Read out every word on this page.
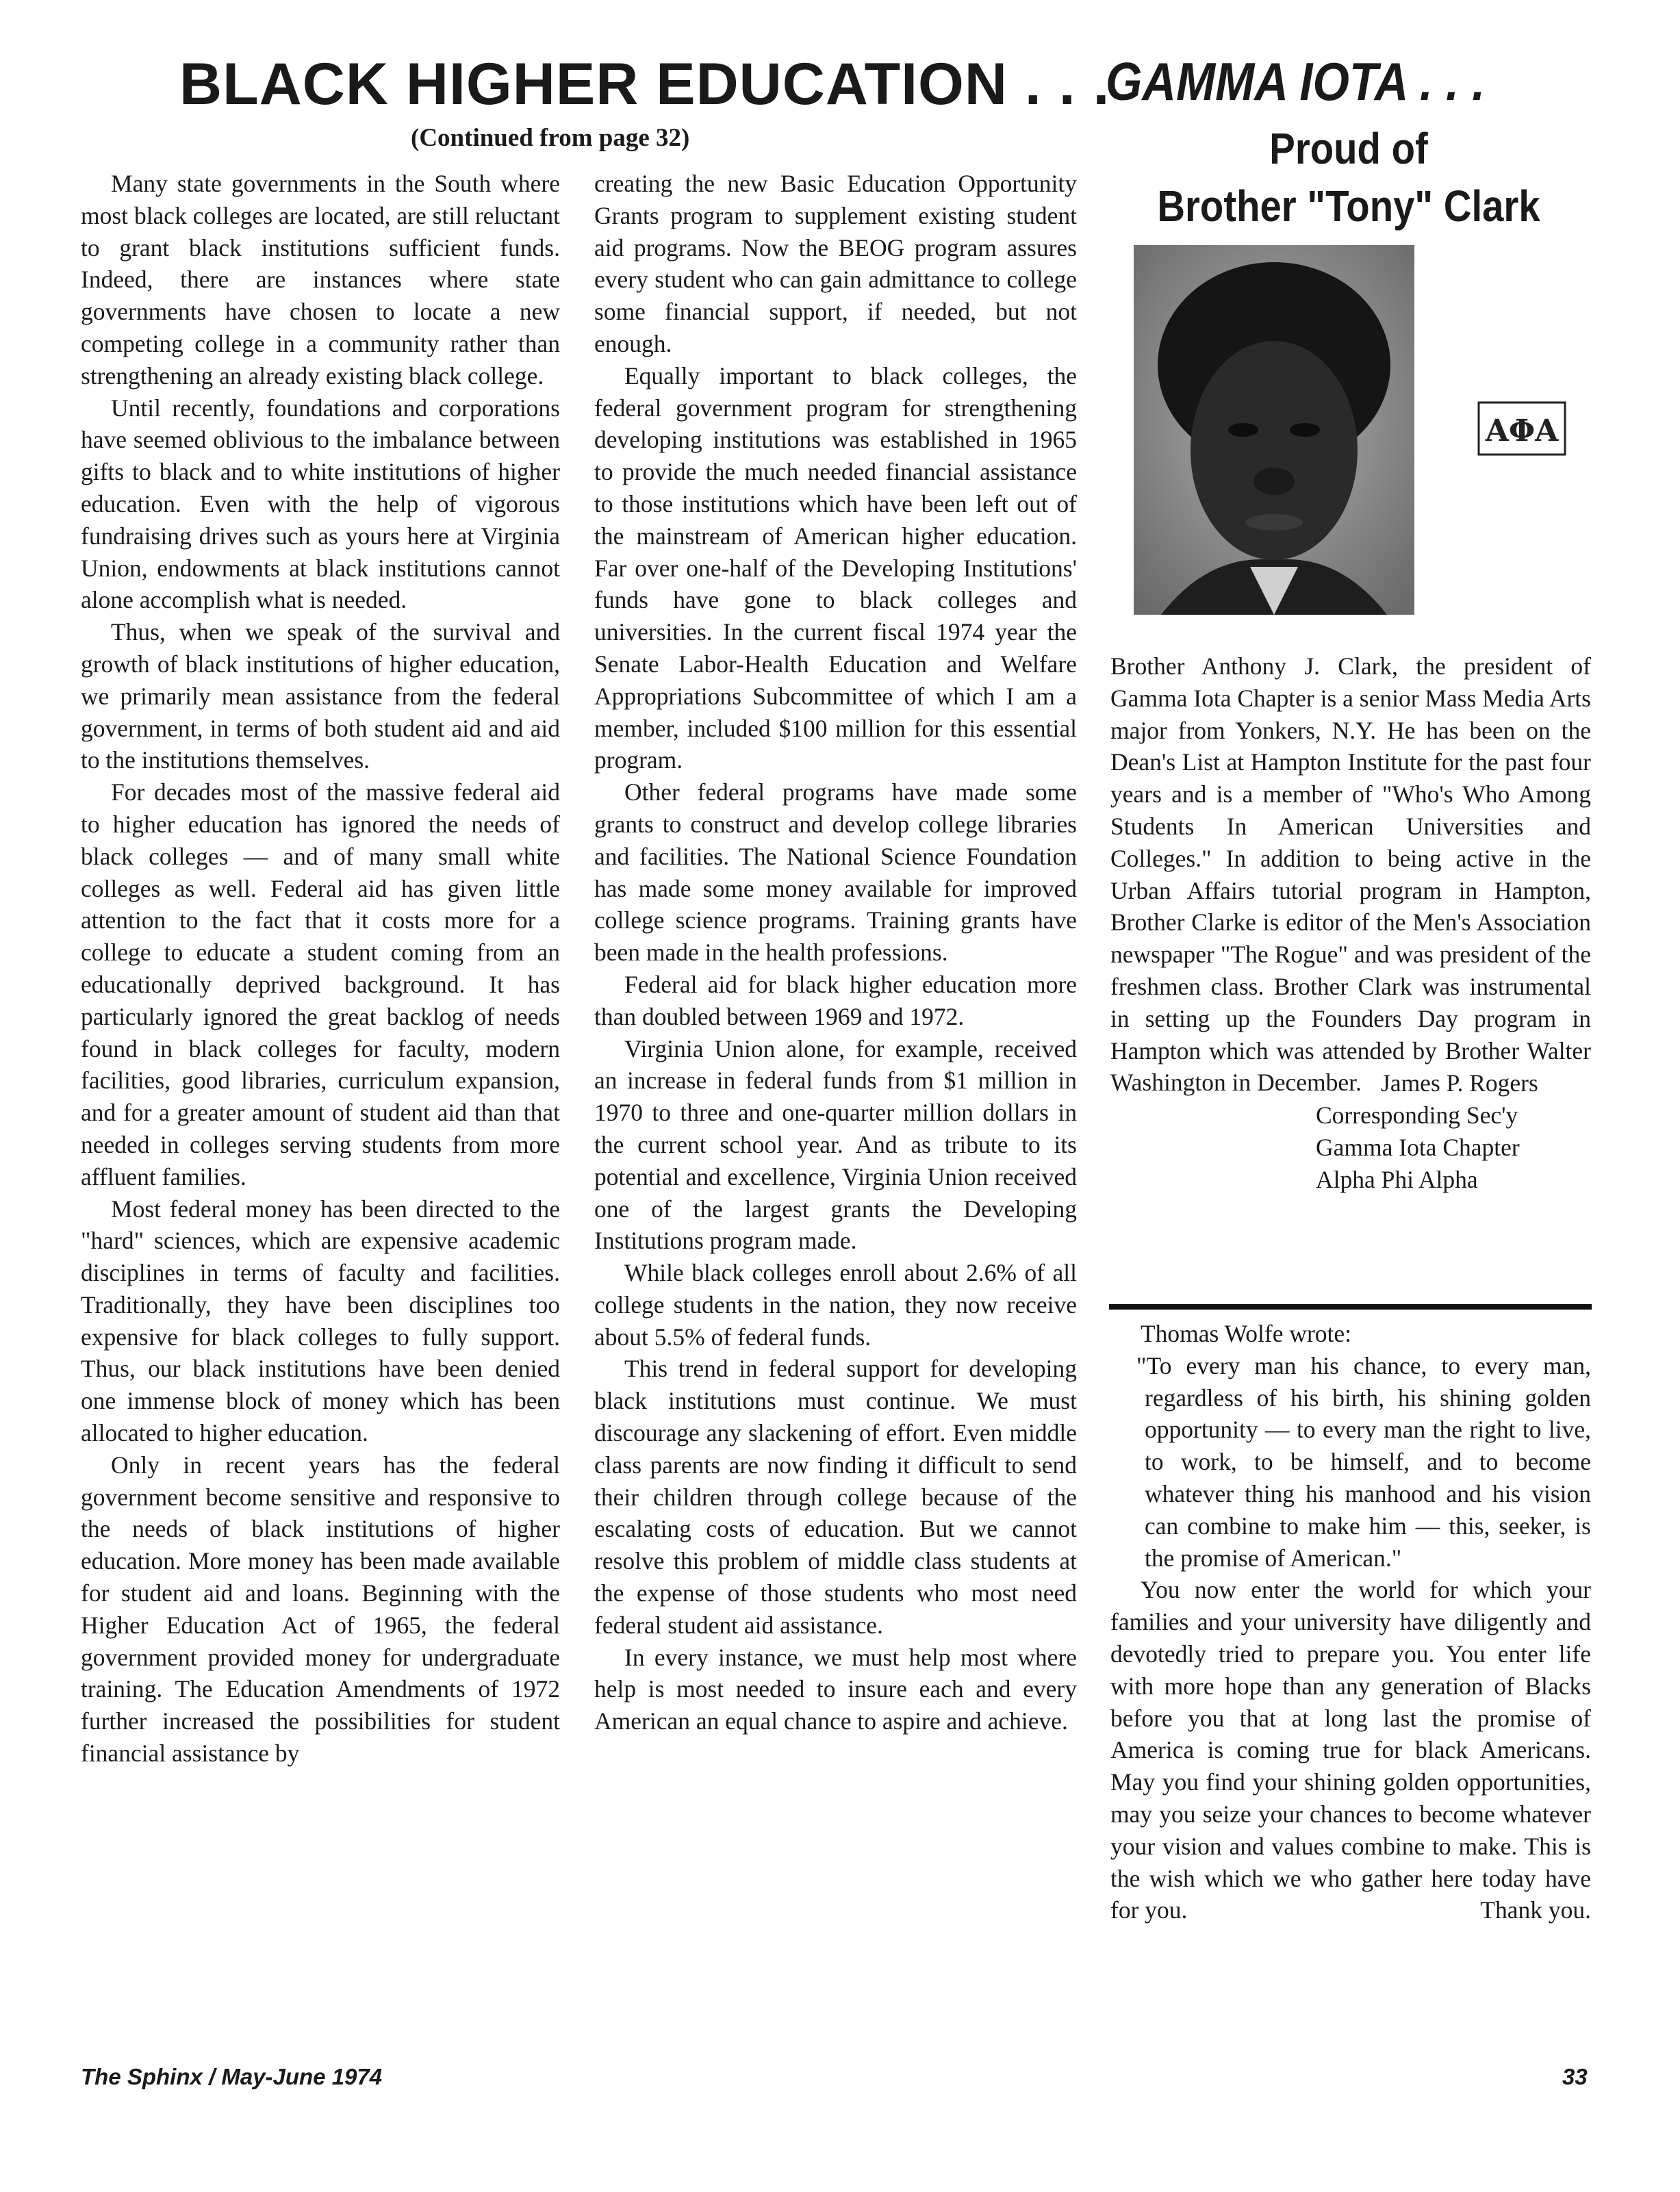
BLACK HIGHER EDUCATION . . .
(Continued from page 32)

Many state governments in the South where most black colleges are located, are still reluctant to grant black institutions sufficient funds. Indeed, there are instances where state governments have chosen to locate a new competing college in a community rather than strengthening an already existing black college.

Until recently, foundations and corporations have seemed oblivious to the imbalance between gifts to black and to white institutions of higher education. Even with the help of vigorous fundraising drives such as yours here at Virginia Union, endowments at black institutions cannot alone accomplish what is needed.

Thus, when we speak of the survival and growth of black institutions of higher education, we primarily mean assistance from the federal government, in terms of both student aid and aid to the institutions themselves.

For decades most of the massive federal aid to higher education has ignored the needs of black colleges — and of many small white colleges as well. Federal aid has given little attention to the fact that it costs more for a college to educate a student coming from an educationally deprived background. It has particularly ignored the great backlog of needs found in black colleges for faculty, modern facilities, good libraries, curriculum expansion, and for a greater amount of student aid than that needed in colleges serving students from more affluent families.

Most federal money has been directed to the "hard" sciences, which are expensive academic disciplines in terms of faculty and facilities. Traditionally, they have been disciplines too expensive for black colleges to fully support. Thus, our black institutions have been denied one immense block of money which has been allocated to higher education.

Only in recent years has the federal government become sensitive and responsive to the needs of black institutions of higher education. More money has been made available for student aid and loans. Beginning with the Higher Education Act of 1965, the federal government provided money for undergraduate training. The Education Amendments of 1972 further increased the possibilities for student financial assistance by

creating the new Basic Education Opportunity Grants program to supplement existing student aid programs. Now the BEOG program assures every student who can gain admittance to college some financial support, if needed, but not enough.

Equally important to black colleges, the federal government program for strengthening developing institutions was established in 1965 to provide the much needed financial assistance to those institutions which have been left out of the mainstream of American higher education. Far over one-half of the Developing Institutions' funds have gone to black colleges and universities. In the current fiscal 1974 year the Senate Labor-Health Education and Welfare Appropriations Subcommittee of which I am a member, included $100 million for this essential program.

Other federal programs have made some grants to construct and develop college libraries and facilities. The National Science Foundation has made some money available for improved college science programs. Training grants have been made in the health professions.

Federal aid for black higher education more than doubled between 1969 and 1972.

Virginia Union alone, for example, received an increase in federal funds from $1 million in 1970 to three and one-quarter million dollars in the current school year. And as tribute to its potential and excellence, Virginia Union received one of the largest grants the Developing Institutions program made.

While black colleges enroll about 2.6% of all college students in the nation, they now receive about 5.5% of federal funds.

This trend in federal support for developing black institutions must continue. We must discourage any slackening of effort. Even middle class parents are now finding it difficult to send their children through college because of the escalating costs of education. But we cannot resolve this problem of middle class students at the expense of those students who most need federal student aid assistance.

In every instance, we must help most where help is most needed to insure each and every American an equal chance to aspire and achieve.

GAMMA IOTA . . .
Proud of
Brother "Tony" Clark
ΑΦΑ

Brother Anthony J. Clark, the president of Gamma Iota Chapter is a senior Mass Media Arts major from Yonkers, N.Y. He has been on the Dean's List at Hampton Institute for the past four years and is a member of "Who's Who Among Students In American Universities and Colleges." In addition to being active in the Urban Affairs tutorial program in Hampton, Brother Clarke is editor of the Men's Association newspaper "The Rogue" and was president of the freshmen class. Brother Clark was instrumental in setting up the Founders Day program in Hampton which was attended by Brother Walter Washington in December. James P. Rogers
Corresponding Sec'y
Gamma Iota Chapter
Alpha Phi Alpha

Thomas Wolfe wrote:

"To every man his chance, to every man, regardless of his birth, his shining golden opportunity — to every man the right to live, to work, to be himself, and to become whatever thing his manhood and his vision can combine to make him — this, seeker, is the promise of American."

You now enter the world for which your families and your university have diligently and devotedly tried to prepare you. You enter life with more hope than any generation of Blacks before you that at long last the promise of America is coming true for black Americans. May you find your shining golden opportunities, may you seize your chances to become whatever your vision and values combine to make. This is the wish which we who gather here today have for you.	Thank you.

The Sphinx / May-June 1974	33
